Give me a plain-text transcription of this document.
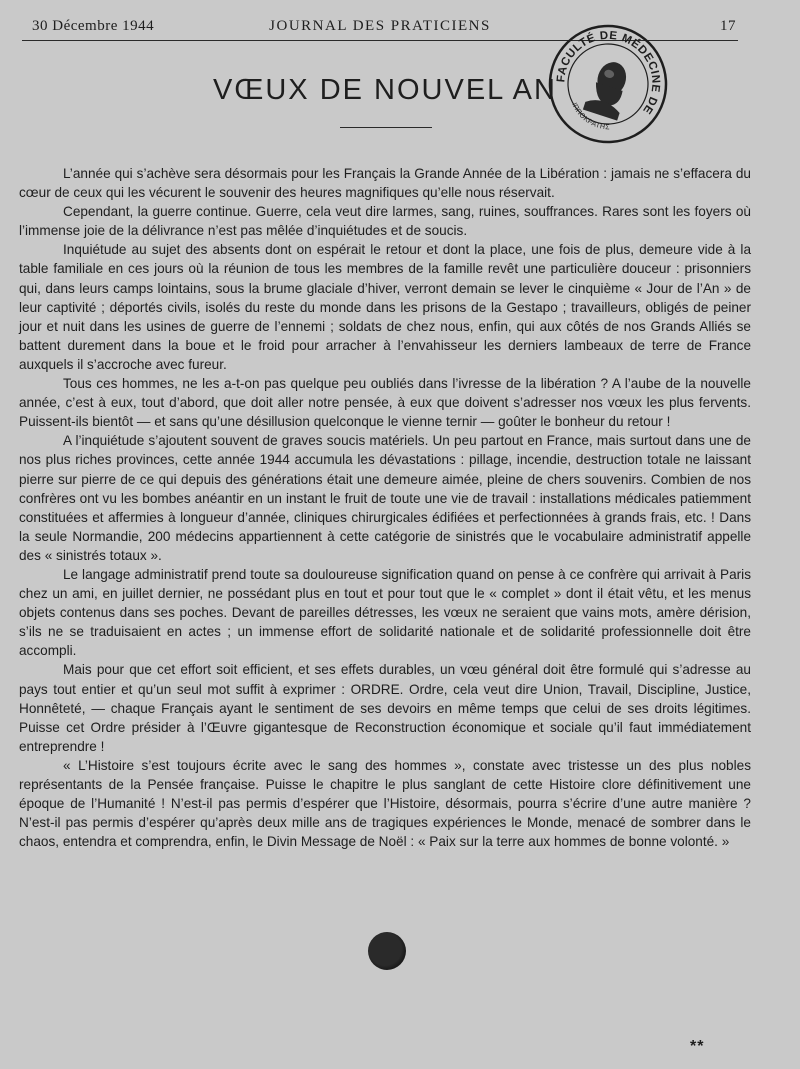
30 Décembre 1944	JOURNAL DES PRATICIENS	17
VŒUX DE NOUVEL AN
FACULTÉ DE MÉDECINE DE
ΙΠΠΟΚΡΑΤΗΣ

L’année qui s’achève sera désormais pour les Français la Grande Année de la Libération : jamais ne s’effacera du cœur de ceux qui les vécurent le souvenir des heures magnifiques qu’elle nous réservait.

Cependant, la guerre continue. Guerre, cela veut dire larmes, sang, ruines, souffrances. Rares sont les foyers où l’immense joie de la délivrance n’est pas mêlée d’inquiétudes et de soucis.

Inquiétude au sujet des absents dont on espérait le retour et dont la place, une fois de plus, demeure vide à la table familiale en ces jours où la réunion de tous les membres de la famille revêt une particulière douceur : prisonniers qui, dans leurs camps lointains, sous la brume glaciale d’hiver, verront demain se lever le cinquième « Jour de l’An » de leur captivité ; déportés civils, isolés du reste du monde dans les prisons de la Gestapo ; travailleurs, obligés de peiner jour et nuit dans les usines de guerre de l’ennemi ; soldats de chez nous, enfin, qui aux côtés de nos Grands Alliés se battent durement dans la boue et le froid pour arracher à l’envahisseur les derniers lambeaux de terre de France auxquels il s’accroche avec fureur.

Tous ces hommes, ne les a-t-on pas quelque peu oubliés dans l’ivresse de la libération ? A l’aube de la nouvelle année, c’est à eux, tout d’abord, que doit aller notre pensée, à eux que doivent s’adresser nos vœux les plus fervents. Puissent-ils bientôt — et sans qu’une désillusion quelconque le vienne ternir — goûter le bonheur du retour !

A l’inquiétude s’ajoutent souvent de graves soucis matériels. Un peu partout en France, mais surtout dans une de nos plus riches provinces, cette année 1944 accumula les dévastations : pillage, incendie, destruction totale ne laissant pierre sur pierre de ce qui depuis des générations était une demeure aimée, pleine de chers souvenirs. Combien de nos confrères ont vu les bombes anéantir en un instant le fruit de toute une vie de travail : installations médicales patiemment constituées et affermies à longueur d’année, cliniques chirurgicales édifiées et perfectionnées à grands frais, etc. ! Dans la seule Normandie, 200 médecins appartiennent à cette catégorie de sinistrés que le vocabulaire administratif appelle des « sinistrés totaux ».

Le langage administratif prend toute sa douloureuse signification quand on pense à ce confrère qui arrivait à Paris chez un ami, en juillet dernier, ne possédant plus en tout et pour tout que le « complet » dont il était vêtu, et les menus objets contenus dans ses poches. Devant de pareilles détresses, les vœux ne seraient que vains mots, amère dérision, s’ils ne se traduisaient en actes ; un immense effort de solidarité nationale et de solidarité professionnelle doit être accompli.

Mais pour que cet effort soit efficient, et ses effets durables, un vœu général doit être formulé qui s’adresse au pays tout entier et qu’un seul mot suffit à exprimer : ORDRE. Ordre, cela veut dire Union, Travail, Discipline, Justice, Honnêteté, — chaque Français ayant le sentiment de ses devoirs en même temps que celui de ses droits légitimes. Puisse cet Ordre présider à l’Œuvre gigantesque de Reconstruction économique et sociale qu’il faut immédiatement entreprendre !

« L’Histoire s’est toujours écrite avec le sang des hommes », constate avec tristesse un des plus nobles représentants de la Pensée française. Puisse le chapitre le plus sanglant de cette Histoire clore définitivement une époque de l’Humanité ! N’est-il pas permis d’espérer que l’Histoire, désormais, pourra s’écrire d’une autre manière ? N’est-il pas permis d’espérer qu’après deux mille ans de tragiques expériences le Monde, menacé de sombrer dans le chaos, entendra et comprendra, enfin, le Divin Message de Noël : « Paix sur la terre aux hommes de bonne volonté. »

**
